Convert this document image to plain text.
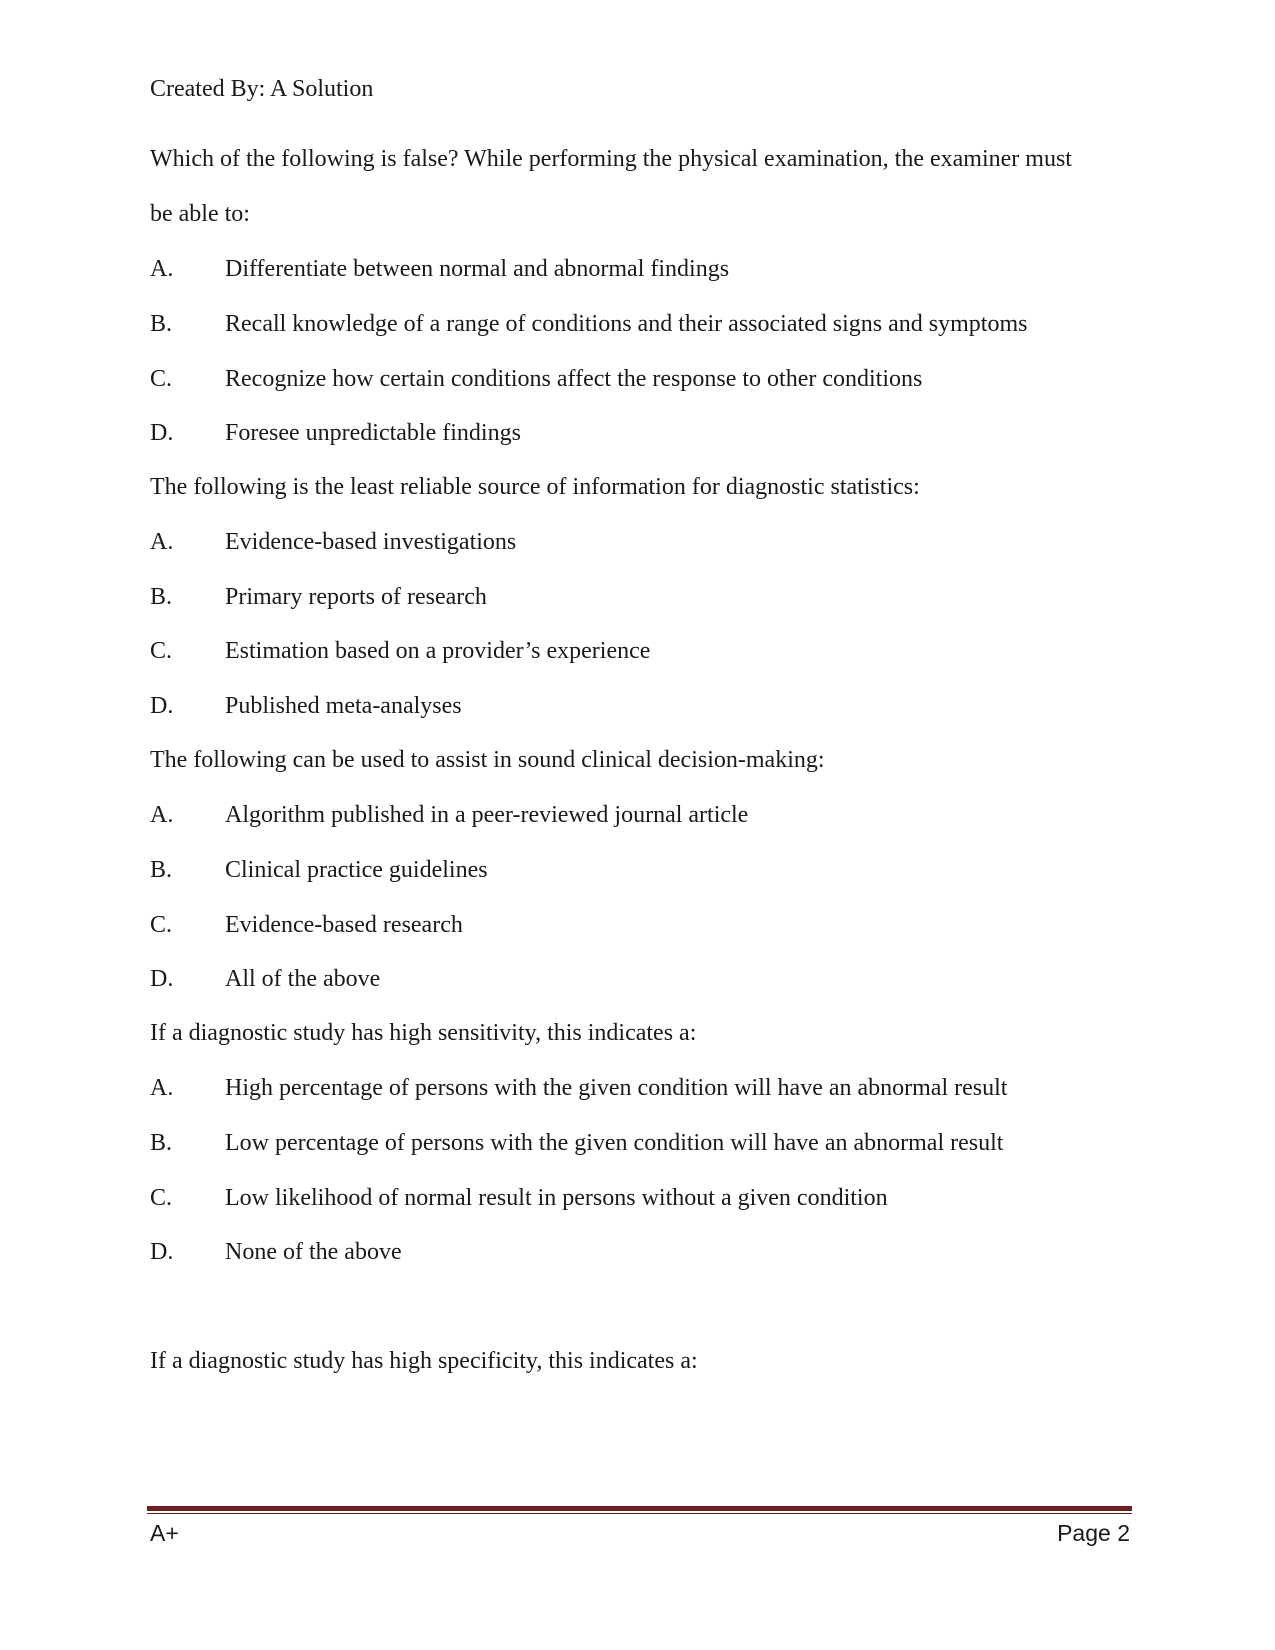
Created By: A Solution
Which of the following is false? While performing the physical examination, the examiner must
be able to:
A. Differentiate between normal and abnormal findings
B. Recall knowledge of a range of conditions and their associated signs and symptoms
C. Recognize how certain conditions affect the response to other conditions
D. Foresee unpredictable findings
The following is the least reliable source of information for diagnostic statistics:
A. Evidence-based investigations
B. Primary reports of research
C. Estimation based on a provider’s experience
D. Published meta-analyses
The following can be used to assist in sound clinical decision-making:
A. Algorithm published in a peer-reviewed journal article
B. Clinical practice guidelines
C. Evidence-based research
D. All of the above
If a diagnostic study has high sensitivity, this indicates a:
A. High percentage of persons with the given condition will have an abnormal result
B. Low percentage of persons with the given condition will have an abnormal result
C. Low likelihood of normal result in persons without a given condition
D. None of the above
If a diagnostic study has high specificity, this indicates a:
A+	Page 2
